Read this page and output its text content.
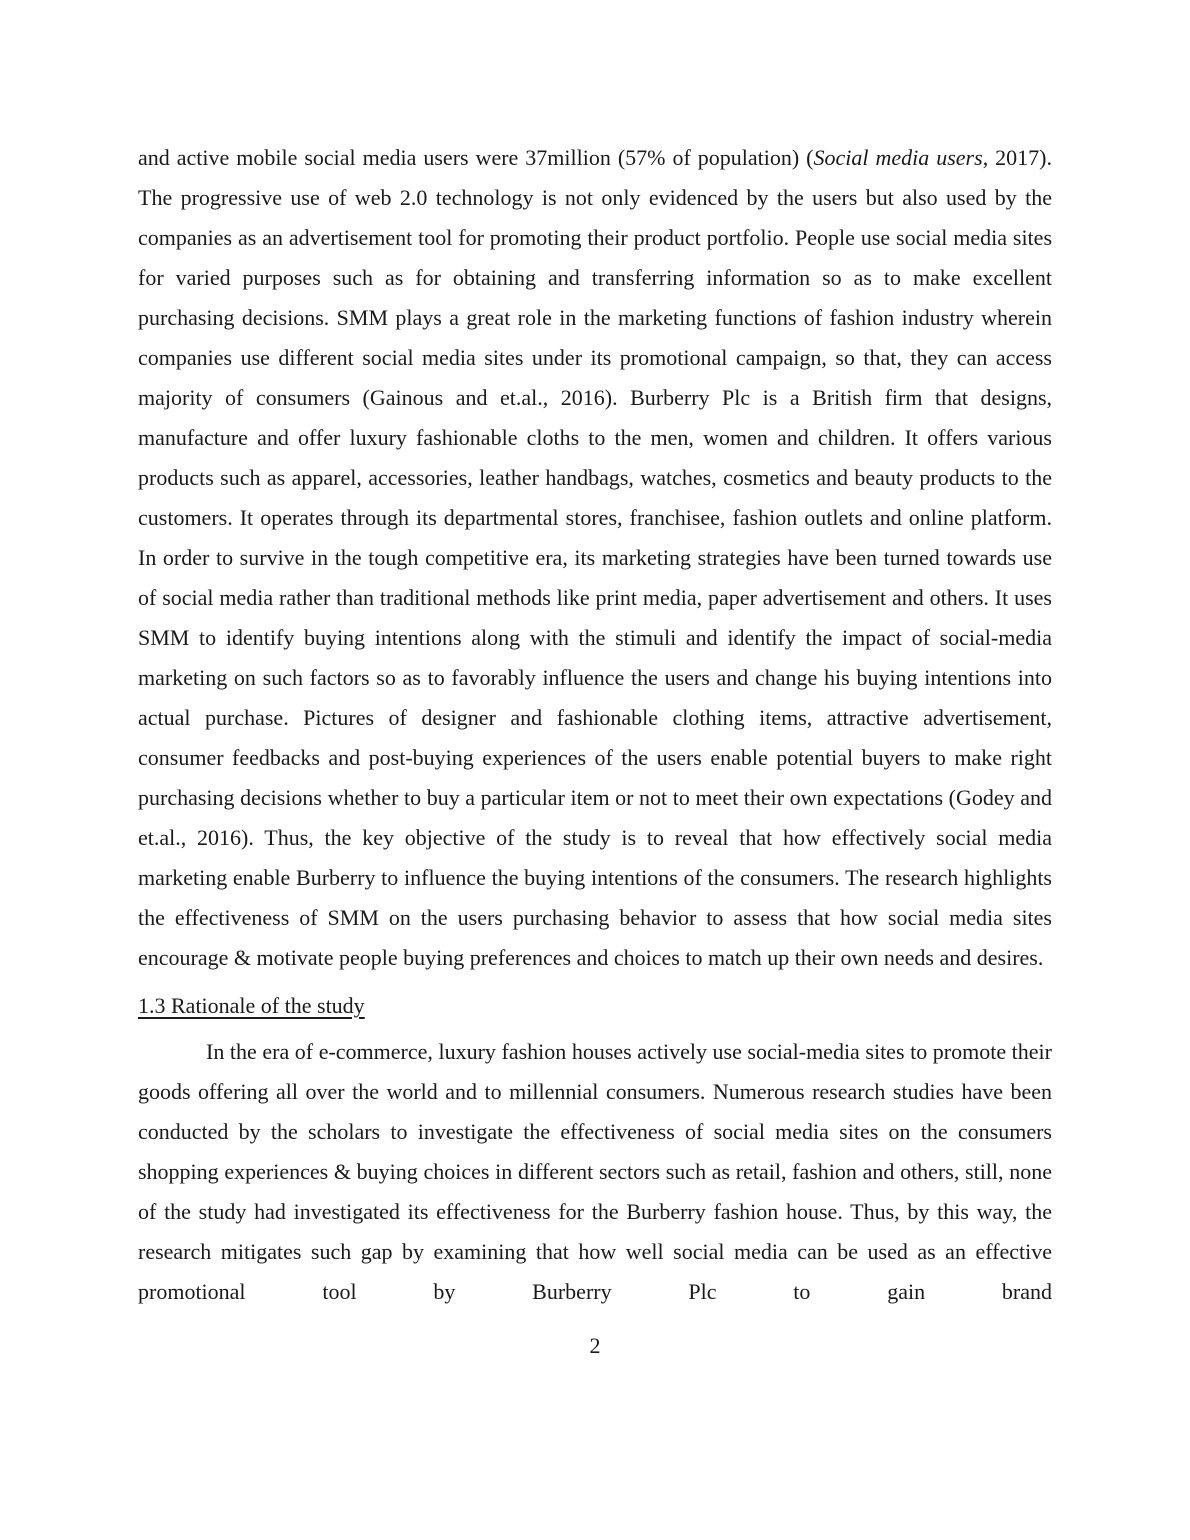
and active mobile social media users were 37million (57% of population) (Social media users, 2017). The progressive use of web 2.0 technology is not only evidenced by the users but also used by the companies as an advertisement tool for promoting their product portfolio. People use social media sites for varied purposes such as for obtaining and transferring information so as to make excellent purchasing decisions. SMM plays a great role in the marketing functions of fashion industry wherein companies use different social media sites under its promotional campaign, so that, they can access majority of consumers (Gainous and et.al., 2016). Burberry Plc is a British firm that designs, manufacture and offer luxury fashionable cloths to the men, women and children. It offers various products such as apparel, accessories, leather handbags, watches, cosmetics and beauty products to the customers. It operates through its departmental stores, franchisee, fashion outlets and online platform. In order to survive in the tough competitive era, its marketing strategies have been turned towards use of social media rather than traditional methods like print media, paper advertisement and others. It uses SMM to identify buying intentions along with the stimuli and identify the impact of social-media marketing on such factors so as to favorably influence the users and change his buying intentions into actual purchase. Pictures of designer and fashionable clothing items, attractive advertisement, consumer feedbacks and post-buying experiences of the users enable potential buyers to make right purchasing decisions whether to buy a particular item or not to meet their own expectations (Godey and et.al., 2016). Thus, the key objective of the study is to reveal that how effectively social media marketing enable Burberry to influence the buying intentions of the consumers. The research highlights the effectiveness of SMM on the users purchasing behavior to assess that how social media sites encourage & motivate people buying preferences and choices to match up their own needs and desires.

1.3 Rationale of the study

In the era of e-commerce, luxury fashion houses actively use social-media sites to promote their goods offering all over the world and to millennial consumers. Numerous research studies have been conducted by the scholars to investigate the effectiveness of social media sites on the consumers shopping experiences & buying choices in different sectors such as retail, fashion and others, still, none of the study had investigated its effectiveness for the Burberry fashion house. Thus, by this way, the research mitigates such gap by examining that how well social media can be used as an effective promotional tool by Burberry Plc to gain brand

2
